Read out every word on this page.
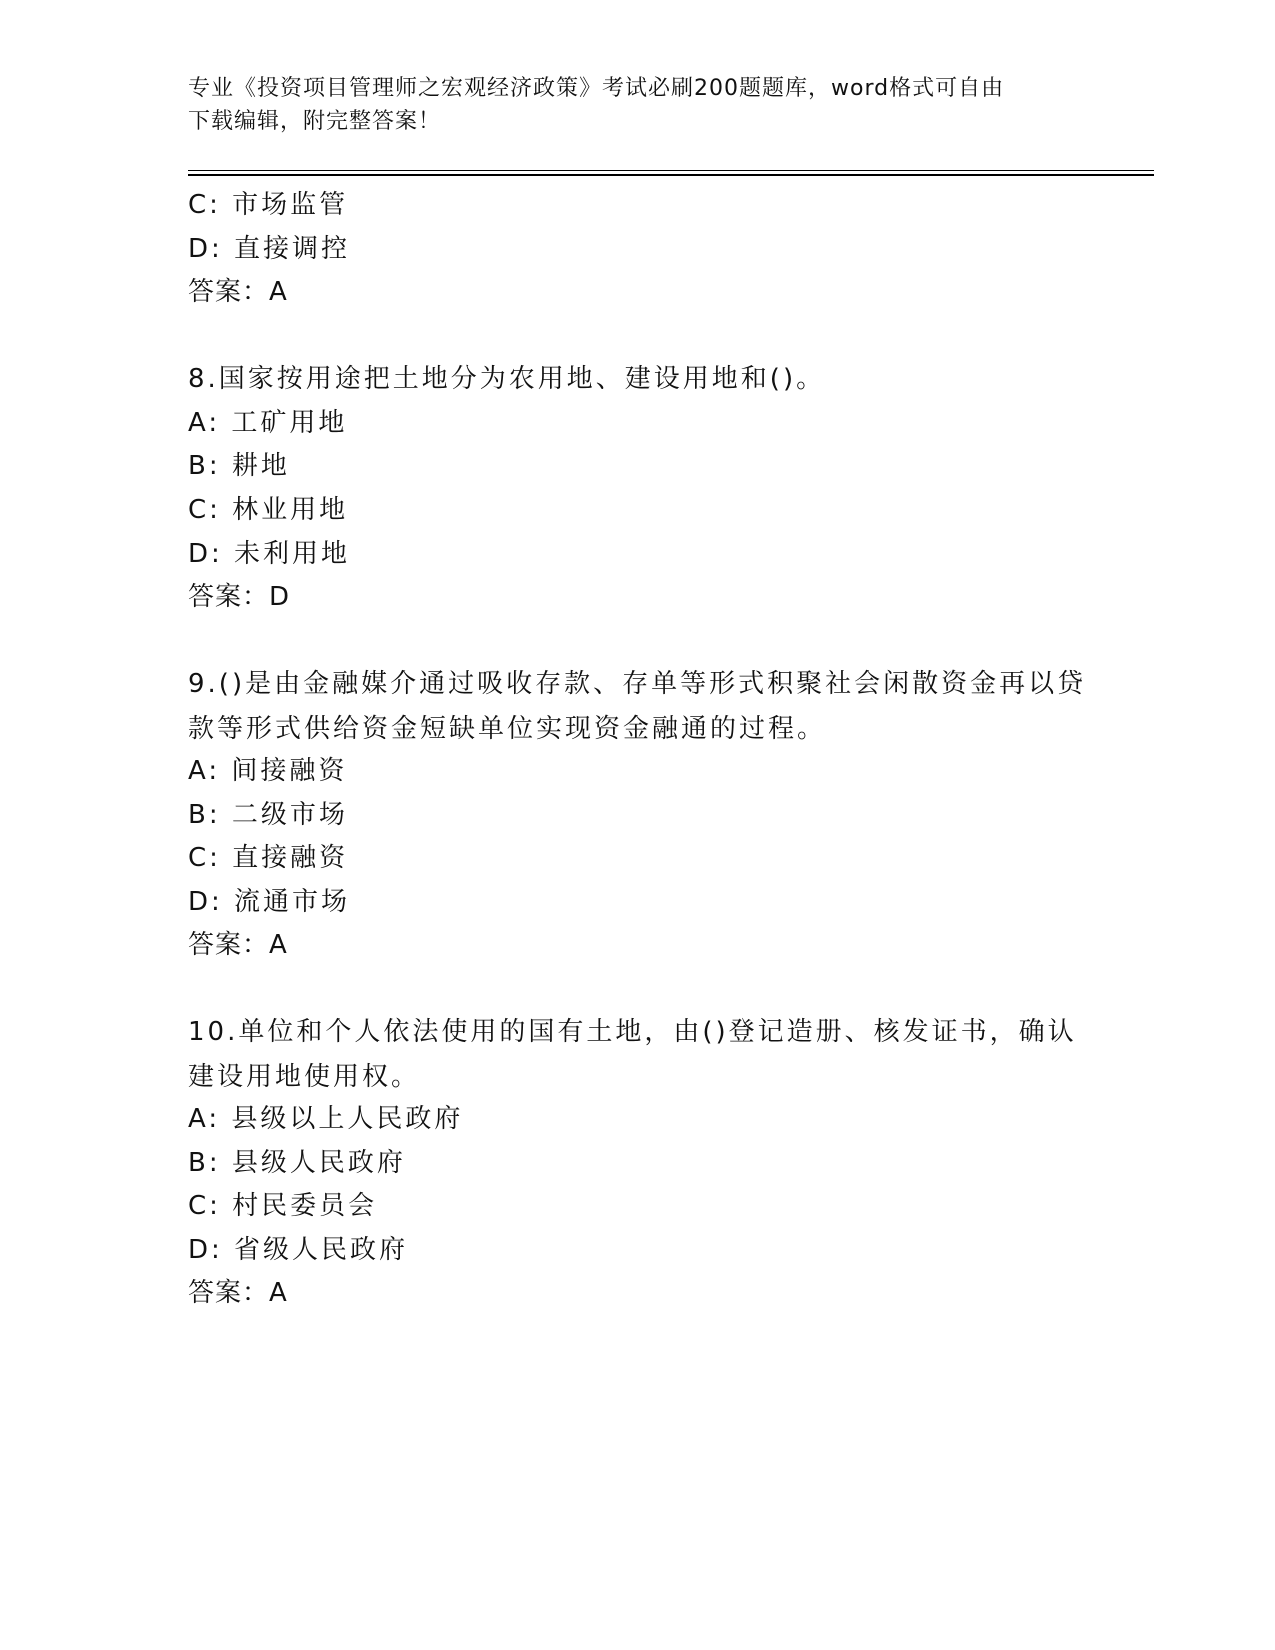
专业《投资项目管理师之宏观经济政策》考试必刷200题题库，word格式可自由
下载编辑，附完整答案！
C: 市场监管
D: 直接调控
答案：A
8.国家按用途把土地分为农用地、建设用地和()。
A: 工矿用地
B: 耕地
C: 林业用地
D: 未利用地
答案：D
9.()是由金融媒介通过吸收存款、存单等形式积聚社会闲散资金再以贷款等形式供给资金短缺单位实现资金融通的过程。
A: 间接融资
B: 二级市场
C: 直接融资
D: 流通市场
答案：A
10.单位和个人依法使用的国有土地，由()登记造册、核发证书，确认建设用地使用权。
A: 县级以上人民政府
B: 县级人民政府
C: 村民委员会
D: 省级人民政府
答案：A
